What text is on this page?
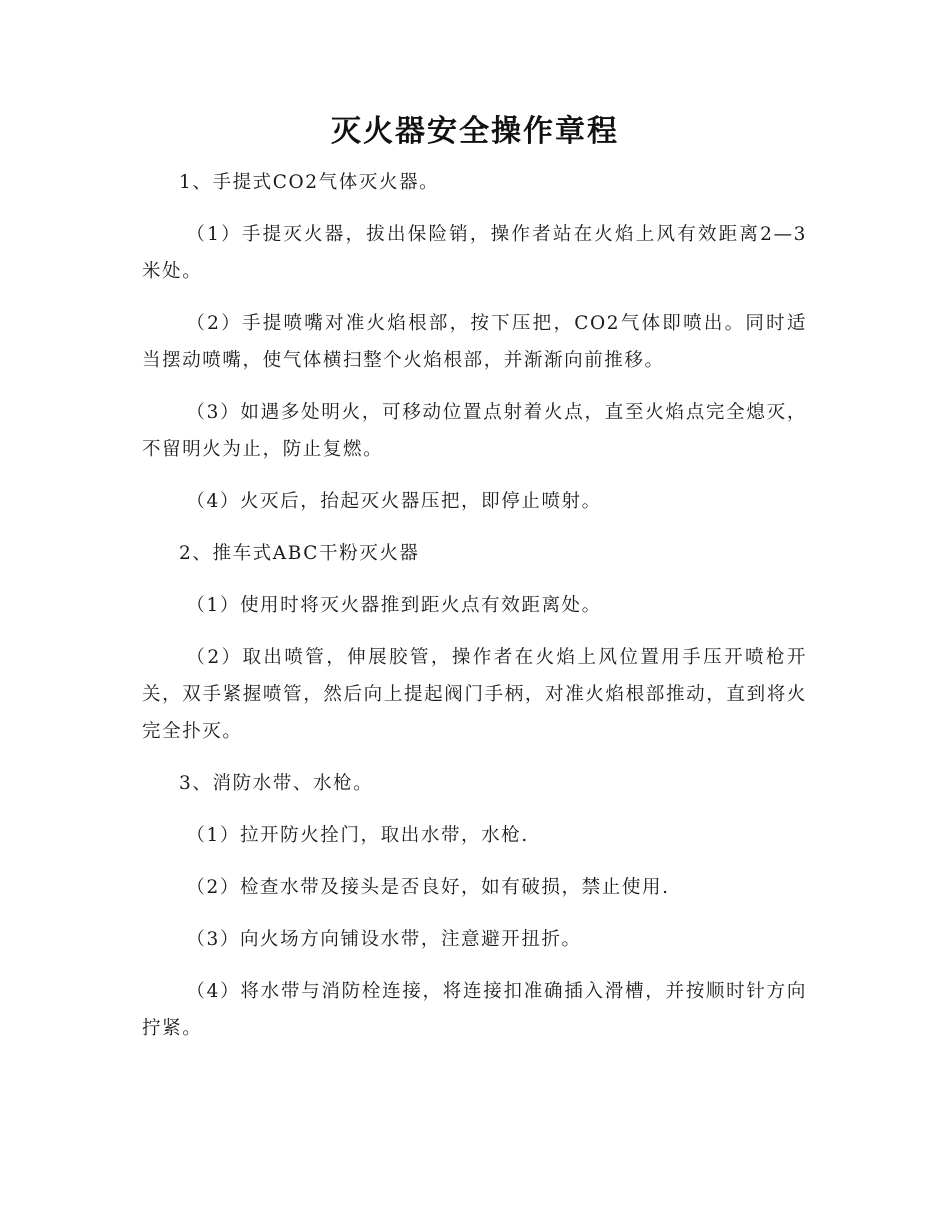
灭火器安全操作章程

1、手提式CO2气体灭火器。

（1）手提灭火器，拔出保险销，操作者站在火焰上风有效距离2—3米处。

（2）手提喷嘴对准火焰根部，按下压把，CO2气体即喷出。同时适当摆动喷嘴，使气体横扫整个火焰根部，并渐渐向前推移。

（3）如遇多处明火，可移动位置点射着火点，直至火焰点完全熄灭，不留明火为止，防止复燃。

（4）火灭后，抬起灭火器压把，即停止喷射。

2、推车式ABC干粉灭火器

（1）使用时将灭火器推到距火点有效距离处。

（2）取出喷管，伸展胶管，操作者在火焰上风位置用手压开喷枪开关，双手紧握喷管，然后向上提起阀门手柄，对准火焰根部推动，直到将火完全扑灭。

3、消防水带、水枪。

（1）拉开防火拴门，取出水带，水枪.

（2）检查水带及接头是否良好，如有破损，禁止使用.

（3）向火场方向铺设水带，注意避开扭折。

（4）将水带与消防栓连接，将连接扣准确插入滑槽，并按顺时针方向拧紧。
